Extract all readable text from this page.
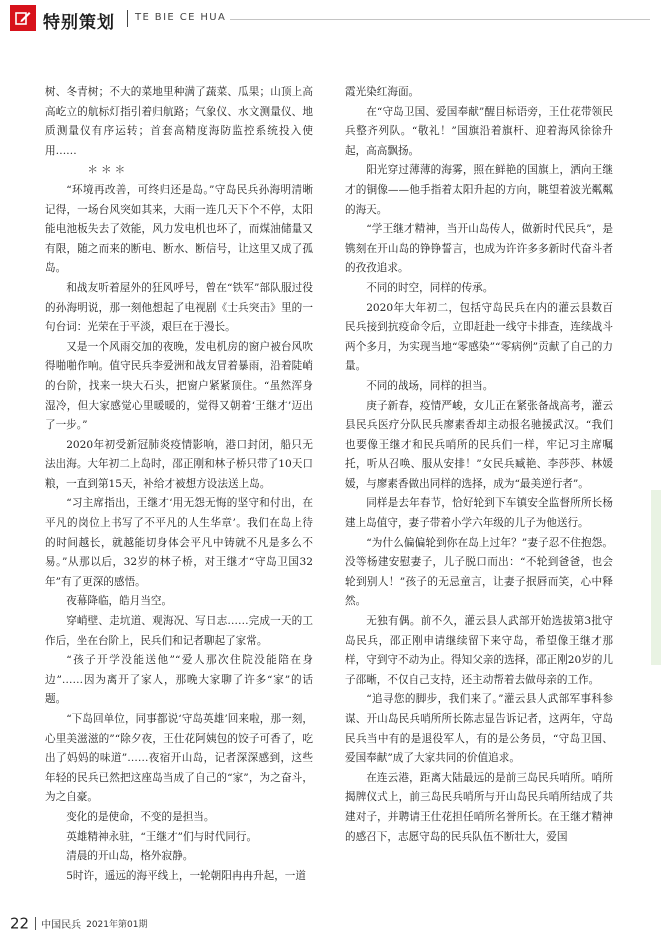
特别策划 TE BIE CE HUA

树、冬青树；不大的菜地里种满了蔬菜、瓜果；山顶上高高屹立的航标灯指引着归航路；气象仪、水文测量仪、地质测量仪有序运转；首套高精度海防监控系统投入使用……

＊＊＊

“环境再改善，可终归还是岛。”守岛民兵孙海明清晰记得，一场台风突如其来，大雨一连几天下个不停，太阳能电池板失去了效能，风力发电机也坏了，而煤油储量又有限，随之而来的断电、断水、断信号，让这里又成了孤岛。

和战友听着屋外的狂风呼号，曾在“铁军”部队服过役的孙海明说，那一刻他想起了电视剧《士兵突击》里的一句台词：光荣在于平淡，艰巨在于漫长。

又是一个风雨交加的夜晚，发电机房的窗户被台风吹得啪啪作响。值守民兵李爱洲和战友冒着暴雨，沿着陡峭的台阶，找来一块大石头，把窗户紧紧顶住。“虽然浑身湿冷，但大家感觉心里暖暖的，觉得又朝着‘王继才’迈出了一步。”

2020年初受新冠肺炎疫情影响，港口封闭，船只无法出海。大年初二上岛时，邵正刚和林子桥只带了10天口粮，一直到第15天，补给才被想方设法送上岛。

“习主席指出，王继才‘用无怨无悔的坚守和付出，在平凡的岗位上书写了不平凡的人生华章’。我们在岛上待的时间越长，就越能切身体会平凡中铸就不凡是多么不易。”从那以后，32岁的林子桥，对王继才“守岛卫国32年”有了更深的感悟。

夜幕降临，皓月当空。

穿峭壁、走坑道、观海况、写日志……完成一天的工作后，坐在台阶上，民兵们和记者聊起了家常。

“孩子开学没能送他”“爱人那次住院没能陪在身边”……因为离开了家人，那晚大家聊了许多“家”的话题。

“下岛回单位，同事都说‘守岛英雄’回来啦，那一刻，心里美滋滋的”“除夕夜，王仕花阿姨包的饺子可香了，吃出了妈妈的味道”……夜宿开山岛，记者深深感到，这些年轻的民兵已然把这座岛当成了自己的“家”，为之奋斗，为之自豪。

变化的是使命，不变的是担当。

英雄精神永驻，“王继才”们与时代同行。

清晨的开山岛，格外寂静。

5时许，遥远的海平线上，一轮朝阳冉冉升起，一道

霞光染红海面。

在“守岛卫国、爱国奉献”醒目标语旁，王仕花带领民兵整齐列队。“敬礼！”国旗沿着旗杆、迎着海风徐徐升起，高高飘扬。

阳光穿过薄薄的海雾，照在鲜艳的国旗上，洒向王继才的铜像——他手指着太阳升起的方向，眺望着波光粼粼的海天。

“学王继才精神，当开山岛传人，做新时代民兵”，是镌刻在开山岛的铮铮誓言，也成为许许多多新时代奋斗者的孜孜追求。

不同的时空，同样的传承。

2020年大年初二，包括守岛民兵在内的灌云县数百民兵接到抗疫命令后，立即赶赴一线守卡排查，连续战斗两个多月，为实现当地“零感染”“零病例”贡献了自己的力量。

不同的战场，同样的担当。

庚子新春，疫情严峻，女儿正在紧张备战高考，灌云县民兵医疗分队民兵廖素香却主动报名驰援武汉。“我们也要像王继才和民兵哨所的民兵们一样，牢记习主席嘱托，听从召唤、服从安排！”女民兵臧艳、李莎莎、林媛媛，与廖素香做出同样的选择，成为“最美逆行者”。

同样是去年春节，恰好轮到下车镇安全监督所所长杨建上岛值守，妻子带着小学六年级的儿子为他送行。

“为什么偏偏轮到你在岛上过年？”妻子忍不住抱怨。没等杨建安慰妻子，儿子脱口而出：“不轮到爸爸，也会轮到别人！”孩子的无忌童言，让妻子抿唇而笑，心中释然。

无独有偶。前不久，灌云县人武部开始选拔第3批守岛民兵，邵正刚申请继续留下来守岛，希望像王继才那样，守到守不动为止。得知父亲的选择，邵正刚20岁的儿子邵晰，不仅自己支持，还主动帮着去做母亲的工作。

“追寻您的脚步，我们来了。”灌云县人武部军事科参谋、开山岛民兵哨所所长陈志显告诉记者，这两年，守岛民兵当中有的是退役军人，有的是公务员，“守岛卫国、爱国奉献”成了大家共同的价值追求。

在连云港，距离大陆最远的是前三岛民兵哨所。哨所揭牌仪式上，前三岛民兵哨所与开山岛民兵哨所结成了共建对子，并聘请王仕花担任哨所名誉所长。在王继才精神的感召下，志愿守岛的民兵队伍不断壮大，爱国

22 中国民兵 2021年第01期
